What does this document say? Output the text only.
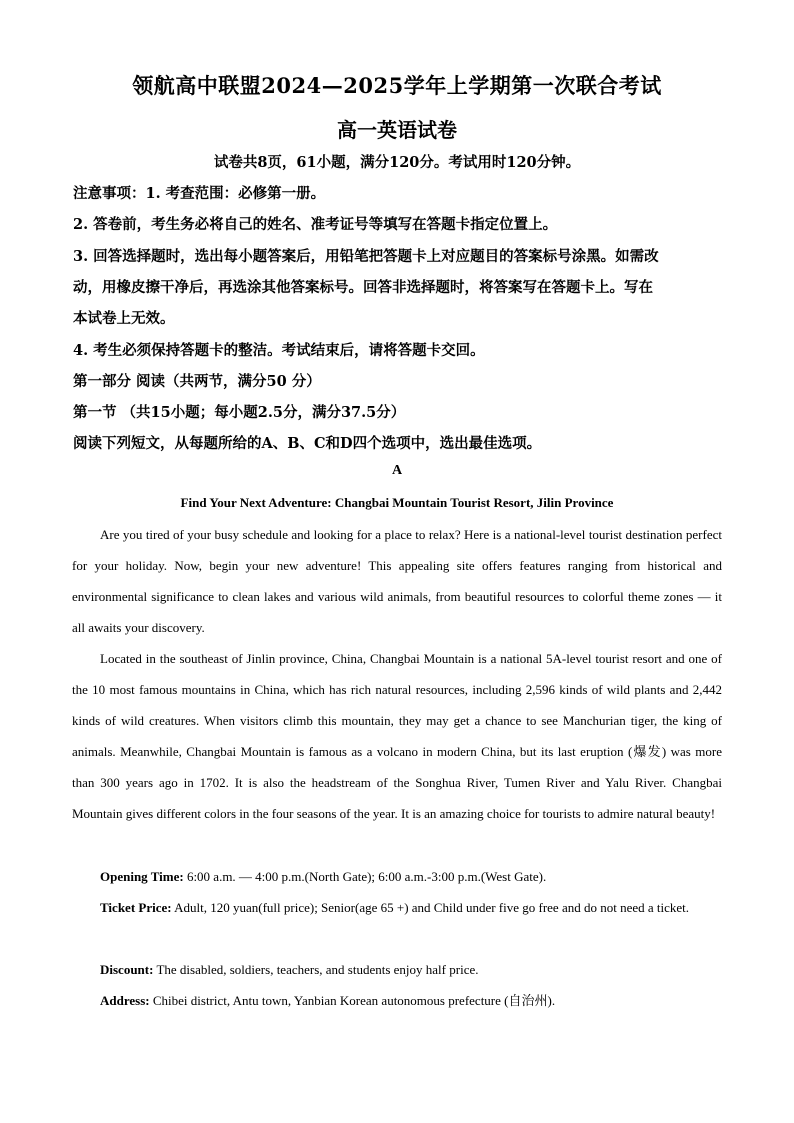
领航高中联盟2024—2025学年上学期第一次联合考试
高一英语试卷
试卷共8页，61小题，满分120分。考试用时120分钟。
注意事项：1. 考查范围：必修第一册。
2. 答卷前，考生务必将自己的姓名、准考证号等填写在答题卡指定位置上。
3. 回答选择题时，选出每小题答案后，用铅笔把答题卡上对应题目的答案标号涂黑。如需改
动，用橡皮擦干净后，再选涂其他答案标号。回答非选择题时，将答案写在答题卡上。写在
本试卷上无效。
4. 考生必须保持答题卡的整洁。考试结束后，请将答题卡交回。
第一部分 阅读（共两节，满分50 分）
第一节 （共15小题；每小题2.5分，满分37.5分）
阅读下列短文，从每题所给的A、B、C和D四个选项中，选出最佳选项。
A
Find Your Next Adventure: Changbai Mountain Tourist Resort, Jilin Province
Are you tired of your busy schedule and looking for a place to relax? Here is a national-level tourist destination perfect for your holiday. Now, begin your new adventure! This appealing site offers features ranging from historical and environmental significance to clean lakes and various wild animals, from beautiful resources to colorful theme zones — it all awaits your discovery.
Located in the southeast of Jinlin province, China, Changbai Mountain is a national 5A-level tourist resort and one of the 10 most famous mountains in China, which has rich natural resources, including 2,596 kinds of wild plants and 2,442 kinds of wild creatures. When visitors climb this mountain, they may get a chance to see Manchurian tiger, the king of animals. Meanwhile, Changbai Mountain is famous as a volcano in modern China, but its last eruption (爆发) was more than 300 years ago in 1702. It is also the headstream of the Songhua River, Tumen River and Yalu River. Changbai Mountain gives different colors in the four seasons of the year. It is an amazing choice for tourists to admire natural beauty!
Opening Time: 6:00 a.m. — 4:00 p.m.(North Gate); 6:00 a.m.-3:00 p.m.(West Gate).
Ticket Price: Adult, 120 yuan(full price); Senior(age 65 +) and Child under five go free and do not need a ticket.
Discount: The disabled, soldiers, teachers, and students enjoy half price.
Address: Chibei district, Antu town, Yanbian Korean autonomous prefecture (自治州).
